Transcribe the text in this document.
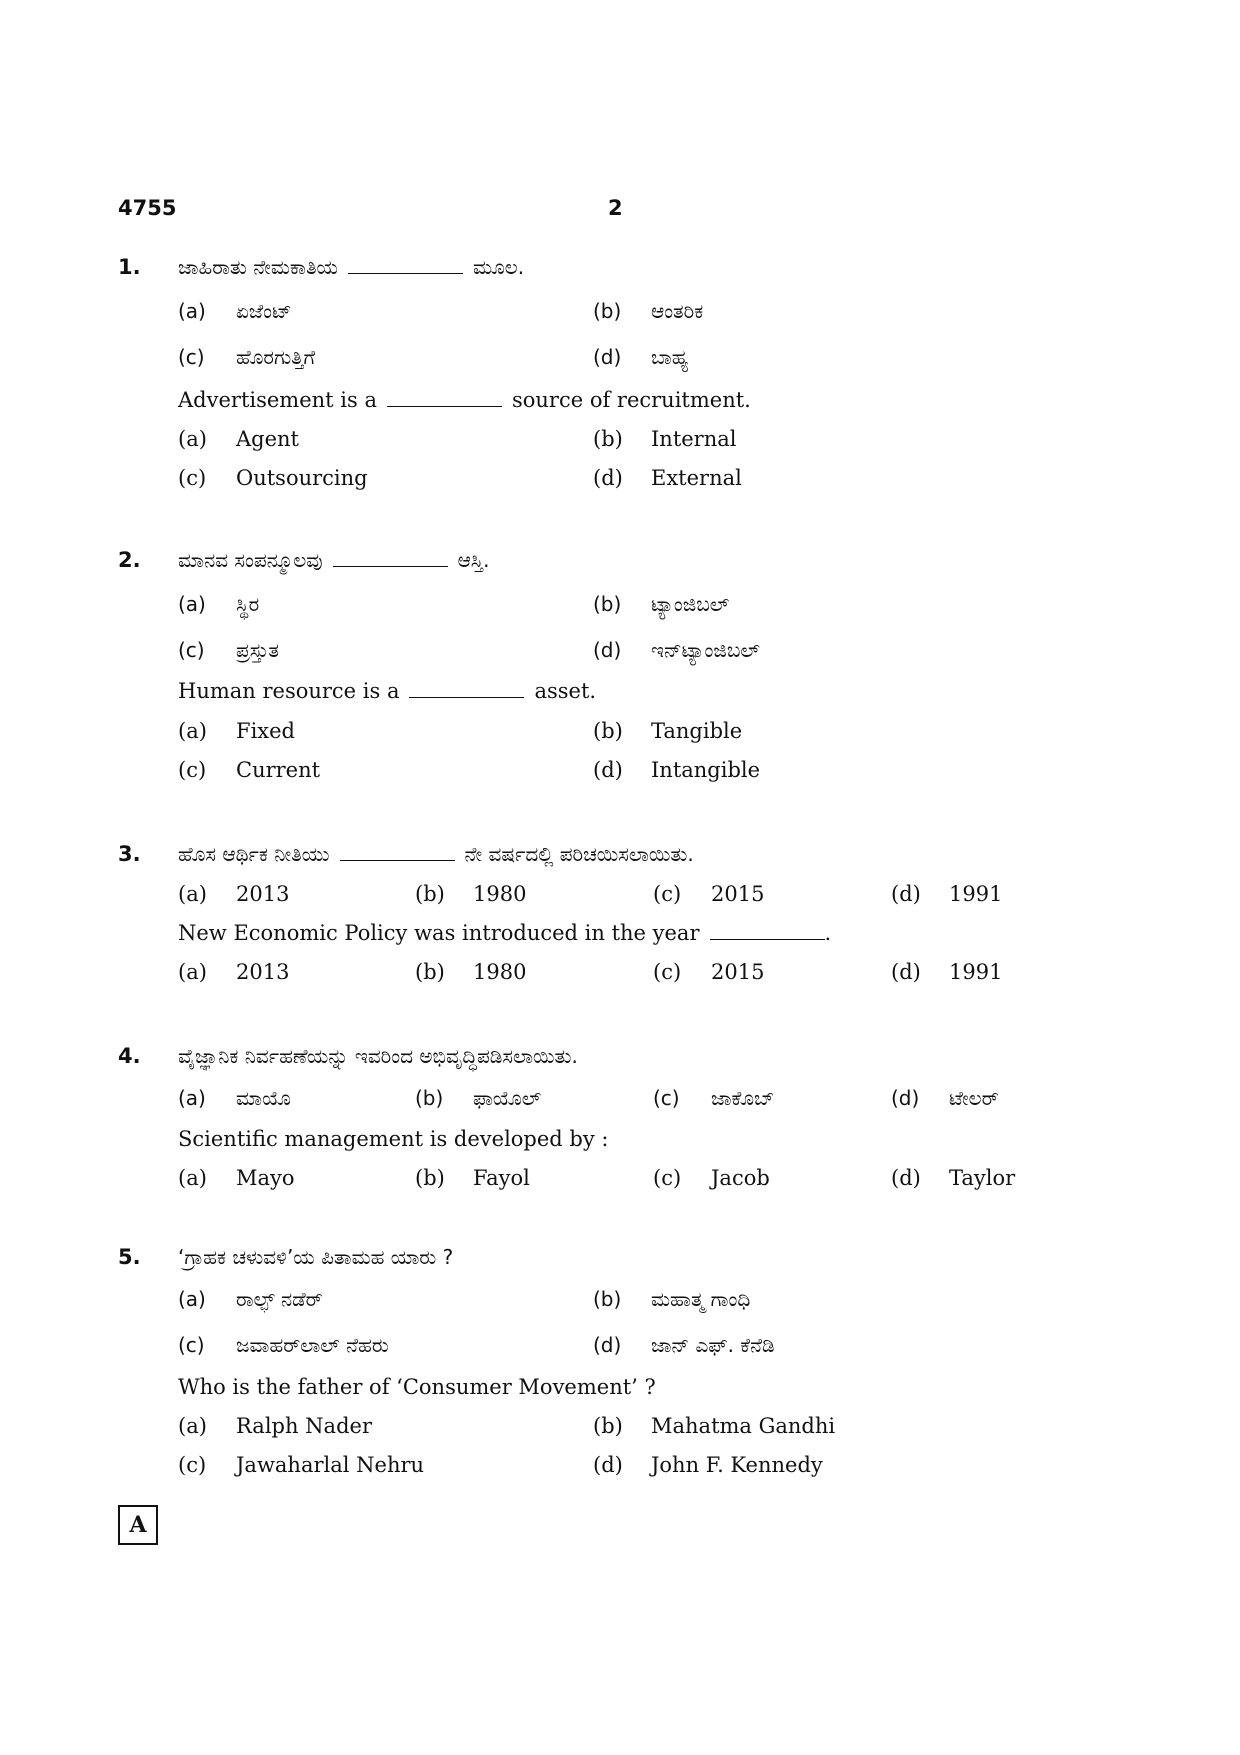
4755	2
1. ಜಾಹಿರಾತು ನೇಮಕಾತಿಯ	ಮೂಲ.
(a) ಏಜೆಂಟ್	(b) ಆಂತರಿಕ
(c) ಹೊರಗುತ್ತಿಗೆ	(d) ಬಾಹ್ಯ
Advertisement is a	source of recruitment.
(a) Agent	(b) Internal
(c) Outsourcing	(d) External
2. ಮಾನವ ಸಂಪನ್ಮೂಲವು	ಆಸ್ತಿ.
(a) ಸ್ಥಿರ	(b) ಟ್ಯಾಂಜಿಬಲ್
(c) ಪ್ರಸ್ತುತ	(d) ಇನ್‌ಟ್ಯಾಂಜಿಬಲ್
Human resource is a	asset.
(a) Fixed	(b) Tangible
(c) Current	(d) Intangible
3. ಹೊಸ ಆರ್ಥಿಕ ನೀತಿಯು	ನೇ ವರ್ಷದಲ್ಲಿ ಪರಿಚಯಿಸಲಾಯಿತು.
(a) 2013	(b) 1980	(c) 2015	(d) 1991
New Economic Policy was introduced in the year	.
(a) 2013	(b) 1980	(c) 2015	(d) 1991
4. ವೈಜ್ಞಾನಿಕ ನಿರ್ವಹಣೆಯನ್ನು ಇವರಿಂದ ಅಭಿವೃದ್ಧಿಪಡಿಸಲಾಯಿತು.
(a) ಮಾಯೊ	(b) ಫಾಯೊಲ್	(c) ಜಾಕೊಬ್	(d) ಟೇಲರ್
Scientific management is developed by :
(a) Mayo	(b) Fayol	(c) Jacob	(d) Taylor
5. ‘ಗ್ರಾಹಕ ಚಳುವಳಿ’ಯ ಪಿತಾಮಹ ಯಾರು ?
(a) ರಾಲ್ಫ್ ನಡೆರ್	(b) ಮಹಾತ್ಮ ಗಾಂಧಿ
(c) ಜವಾಹರ್‌ಲಾಲ್ ನೆಹರು	(d) ಜಾನ್ ಎಫ್. ಕೆನೆಡಿ
Who is the father of ‘Consumer Movement’ ?
(a) Ralph Nader	(b) Mahatma Gandhi
(c) Jawaharlal Nehru	(d) John F. Kennedy
A
